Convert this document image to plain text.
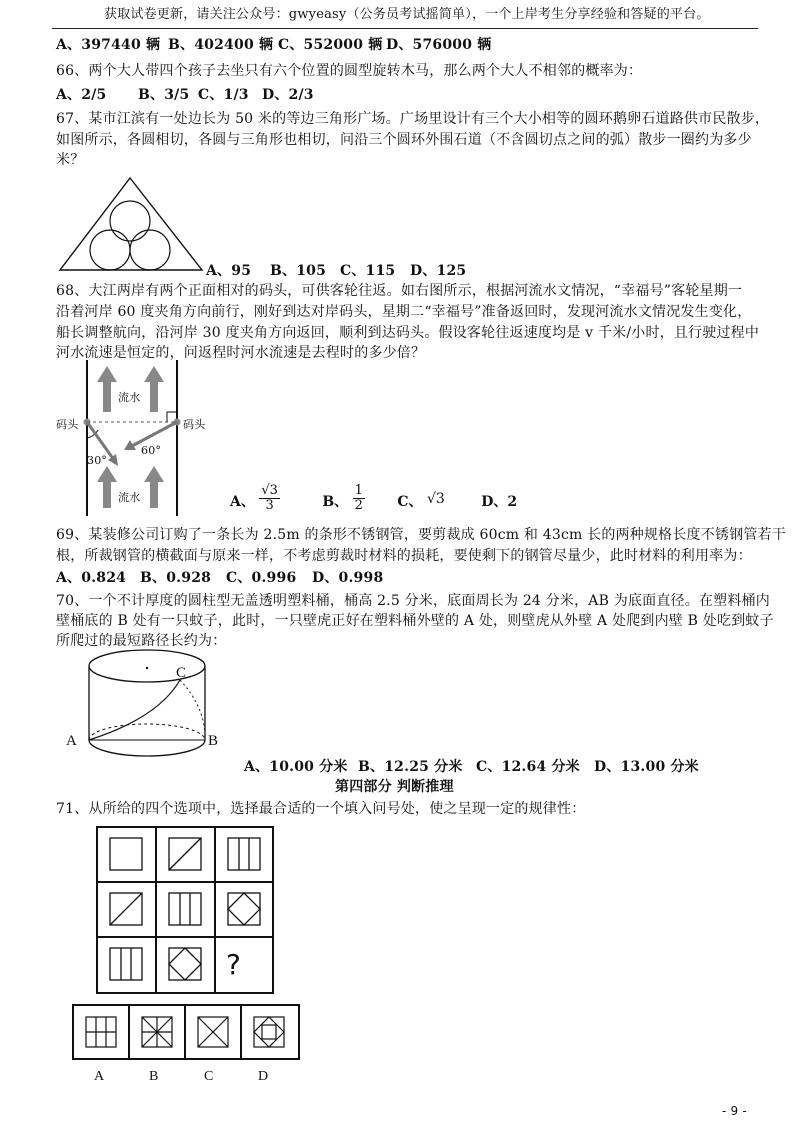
获取试卷更新，请关注公众号：gwyeasy（公务员考试摇简单），一个上岸考生分享经验和答疑的平台。
A、397440 辆 B、402400 辆 C、552000 辆 D、576000 辆
66、两个大人带四个孩子去坐只有六个位置的圆型旋转木马，那么两个大人不相邻的概率为：
A、2/5 B、3/5 C、1/3 D、2/3
67、某市江滨有一处边长为 50 米的等边三角形广场。广场里设计有三个大小相等的圆环鹅卵石道路供市民散步，
如图所示，各圆相切，各圆与三角形也相切，问沿三个圆环外围石道（不含圆切点之间的弧）散步一圈约为多少
米？
A、95 B、105 C、115 D、125
68、大江两岸有两个正面相对的码头，可供客轮往返。如右图所示，根据河流水文情况，“幸福号”客轮星期一
沿着河岸 60 度夹角方向前行，刚好到达对岸码头，星期二“幸福号”准备返回时，发现河流水文情况发生变化，
船长调整航向，沿河岸 30 度夹角方向返回，顺利到达码头。假设客轮往返速度均是 v 千米/小时，且行驶过程中
河水流速是恒定的，问返程时河水流速是去程时的多少倍？
流水
流水
码头	码头
30°
60°
A、 $\frac{√3}{3}$	B、 $\frac{1}{2}$ C、 √3	D、2
69、某装修公司订购了一条长为 2.5m 的条形不锈钢管，要剪裁成 60cm 和 43cm 长的两种规格长度不锈钢管若干
根，所裁钢管的横截面与原来一样，不考虑剪裁时材料的损耗，要使剩下的钢管尽量少，此时材料的利用率为：
A、0.824 B、0.928 C、0.996 D、0.998
70、一个不计厚度的圆柱型无盖透明塑料桶，桶高 2.5 分米，底面周长为 24 分米，AB 为底面直径。在塑料桶内
壁桶底的 B 处有一只蚊子，此时，一只壁虎正好在塑料桶外壁的 A 处，则壁虎从外壁 A 处爬到内壁 B 处吃到蚊子
所爬过的最短路径长约为：
A	B
C
A、10.00 分米 B、12.25 分米 C、12.64 分米 D、13.00 分米
第四部分 判断推理
71、从所给的四个选项中，选择最合适的一个填入问号处，使之呈现一定的规律性：
?
A	B	C	D
- 9 -
